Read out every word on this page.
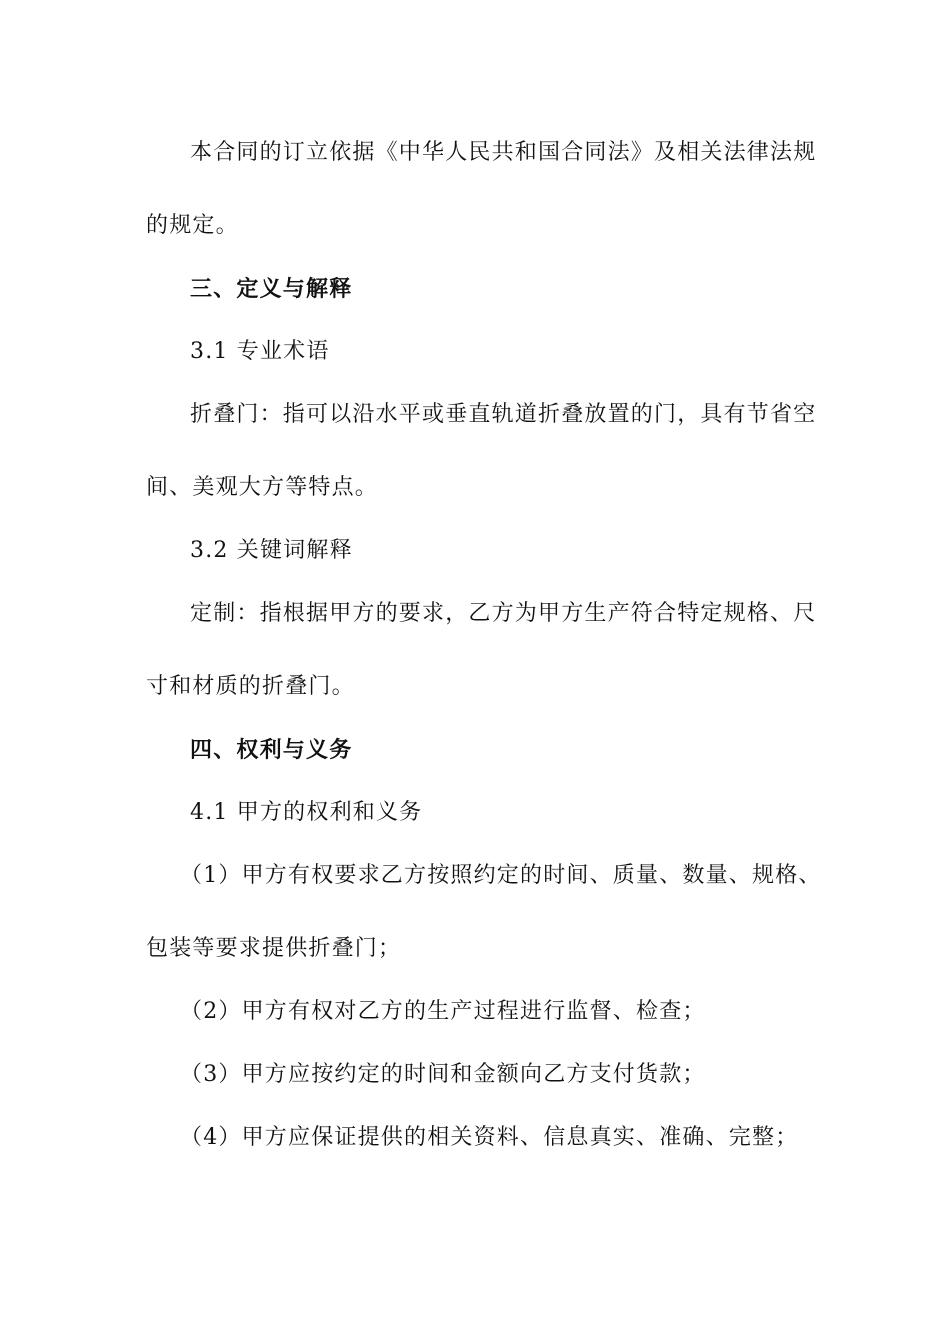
本合同的订立依据《中华人民共和国合同法》及相关法律法规
的规定。
三、定义与解释
3.1 专业术语
折叠门：指可以沿水平或垂直轨道折叠放置的门，具有节省空
间、美观大方等特点。
3.2 关键词解释
定制：指根据甲方的要求，乙方为甲方生产符合特定规格、尺
寸和材质的折叠门。
四、权利与义务
4.1 甲方的权利和义务
（1）甲方有权要求乙方按照约定的时间、质量、数量、规格、
包装等要求提供折叠门；
（2）甲方有权对乙方的生产过程进行监督、检查；
（3）甲方应按约定的时间和金额向乙方支付货款；
（4）甲方应保证提供的相关资料、信息真实、准确、完整；
